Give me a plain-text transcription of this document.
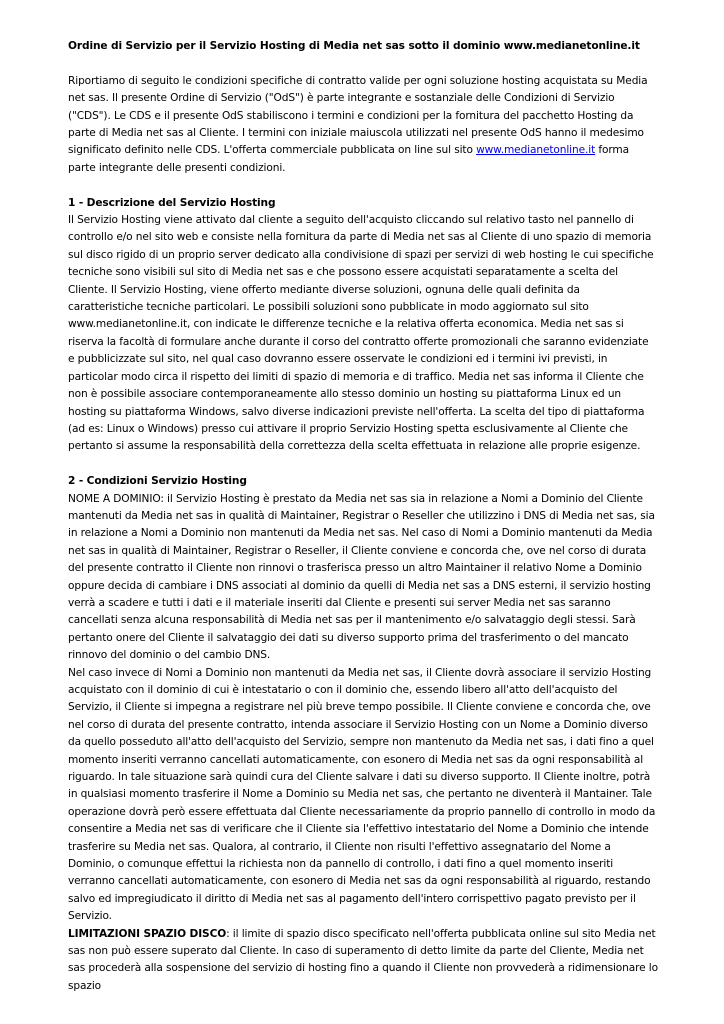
Ordine di Servizio per il Servizio Hosting di Media net sas sotto il dominio www.medianetonline.it

Riportiamo di seguito le condizioni specifiche di contratto valide per ogni soluzione hosting acquistata su Media net sas. Il presente Ordine di Servizio ("OdS") è parte integrante e sostanziale delle Condizioni di Servizio ("CDS"). Le CDS e il presente OdS stabiliscono i termini e condizioni per la fornitura del pacchetto Hosting da parte di Media net sas al Cliente. I termini con iniziale maiuscola utilizzati nel presente OdS hanno il medesimo significato definito nelle CDS. L'offerta commerciale pubblicata on line sul sito www.medianetonline.it forma parte integrante delle presenti condizioni.

1 - Descrizione del Servizio Hosting

Il Servizio Hosting viene attivato dal cliente a seguito dell'acquisto cliccando sul relativo tasto nel pannello di controllo e/o nel sito web e consiste nella fornitura da parte di Media net sas al Cliente di uno spazio di memoria sul disco rigido di un proprio server dedicato alla condivisione di spazi per servizi di web hosting le cui specifiche tecniche sono visibili sul sito di Media net sas e che possono essere acquistati separatamente a scelta del Cliente. Il Servizio Hosting, viene offerto mediante diverse soluzioni, ognuna delle quali definita da caratteristiche tecniche particolari. Le possibili soluzioni sono pubblicate in modo aggiornato sul sito www.medianetonline.it, con indicate le differenze tecniche e la relativa offerta economica. Media net sas si riserva la facoltà di formulare anche durante il corso del contratto offerte promozionali che saranno evidenziate e pubblicizzate sul sito, nel qual caso dovranno essere osservate le condizioni ed i termini ivi previsti, in particolar modo circa il rispetto dei limiti di spazio di memoria e di traffico. Media net sas informa il Cliente che non è possibile associare contemporaneamente allo stesso dominio un hosting su piattaforma Linux ed un hosting su piattaforma Windows, salvo diverse indicazioni previste nell'offerta. La scelta del tipo di piattaforma (ad es: Linux o Windows) presso cui attivare il proprio Servizio Hosting spetta esclusivamente al Cliente che pertanto si assume la responsabilità della correttezza della scelta effettuata in relazione alle proprie esigenze.

2 - Condizioni Servizio Hosting

NOME A DOMINIO: il Servizio Hosting è prestato da Media net sas sia in relazione a Nomi a Dominio del Cliente mantenuti da Media net sas in qualità di Maintainer, Registrar o Reseller che utilizzino i DNS di Media net sas, sia in relazione a Nomi a Dominio non mantenuti da Media net sas. Nel caso di Nomi a Dominio mantenuti da Media net sas in qualità di Maintainer, Registrar o Reseller, il Cliente conviene e concorda che, ove nel corso di durata del presente contratto il Cliente non rinnovi o trasferisca presso un altro Maintainer il relativo Nome a Dominio oppure decida di cambiare i DNS associati al dominio da quelli di Media net sas a DNS esterni, il servizio hosting verrà a scadere e tutti i dati e il materiale inseriti dal Cliente e presenti sui server Media net sas saranno cancellati senza alcuna responsabilità di Media net sas per il mantenimento e/o salvataggio degli stessi. Sarà pertanto onere del Cliente il salvataggio dei dati su diverso supporto prima del trasferimento o del mancato rinnovo del dominio o del cambio DNS.

Nel caso invece di Nomi a Dominio non mantenuti da Media net sas, il Cliente dovrà associare il servizio Hosting acquistato con il dominio di cui è intestatario o con il dominio che, essendo libero all'atto dell'acquisto del Servizio, il Cliente si impegna a registrare nel più breve tempo possibile. Il Cliente conviene e concorda che, ove nel corso di durata del presente contratto, intenda associare il Servizio Hosting con un Nome a Dominio diverso da quello posseduto all'atto dell'acquisto del Servizio, sempre non mantenuto da Media net sas, i dati fino a quel momento inseriti verranno cancellati automaticamente, con esonero di Media net sas da ogni responsabilità al riguardo. In tale situazione sarà quindi cura del Cliente salvare i dati su diverso supporto. Il Cliente inoltre, potrà in qualsiasi momento trasferire il Nome a Dominio su Media net sas, che pertanto ne diventerà il Mantainer. Tale operazione dovrà però essere effettuata dal Cliente necessariamente da proprio pannello di controllo in modo da consentire a Media net sas di verificare che il Cliente sia l'effettivo intestatario del Nome a Dominio che intende trasferire su Media net sas. Qualora, al contrario, il Cliente non risulti l'effettivo assegnatario del Nome a Dominio, o comunque effettui la richiesta non da pannello di controllo, i dati fino a quel momento inseriti verranno cancellati automaticamente, con esonero di Media net sas da ogni responsabilità al riguardo, restando salvo ed impregiudicato il diritto di Media net sas al pagamento dell'intero corrispettivo pagato previsto per il Servizio.

LIMITAZIONI SPAZIO DISCO: il limite di spazio disco specificato nell'offerta pubblicata online sul sito Media net sas non può essere superato dal Cliente. In caso di superamento di detto limite da parte del Cliente, Media net sas procederà alla sospensione del servizio di hosting fino a quando il Cliente non provvederà a ridimensionare lo spazio
